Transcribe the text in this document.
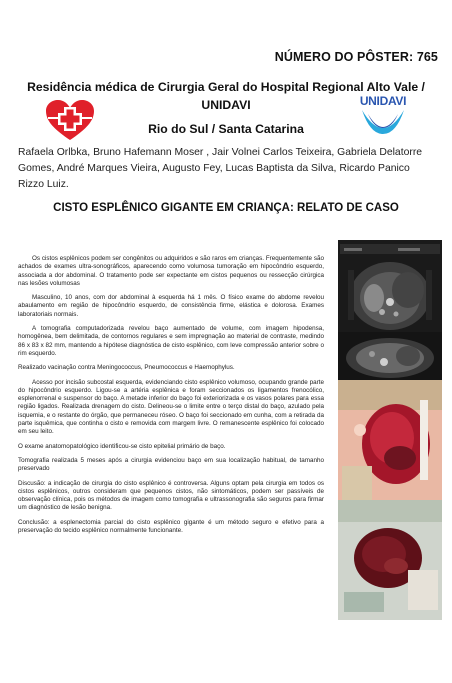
NÚMERO DO PÔSTER: 765
Residência médica de Cirurgia Geral do Hospital Regional Alto Vale /
UNIDAVI
Rio do Sul / Santa Catarina
UNIDAVI
Rafaela Orlbka, Bruno Hafemann Moser , Jair Volnei Carlos Teixeira, Gabriela Delatorre Gomes, André Marques Vieira, Augusto Fey, Lucas Baptista da Silva, Ricardo Panico Rizzo Luiz.
CISTO ESPLÊNICO GIGANTE EM CRIANÇA: RELATO DE CASO

Os cistos esplênicos podem ser congênitos ou adquiridos e são raros em crianças. Frequentemente são achados de exames ultra-sonográficos, aparecendo como volumosa tumoração em hipocôndrio esquerdo, associada a dor abdominal. O tratamento pode ser expectante em cistos pequenos ou ressecção cirúrgica nas lesões volumosas

Masculino, 10 anos, com dor abdominal à esquerda há 1 mês. O físico exame do abdome revelou abaulamento em região de hipocôndrio esquerdo, de consistência firme, elástica e dolorosa. Exames laboratoriais normais.

A tomografia computadorizada revelou baço aumentado de volume, com imagem hipodensa, homogênea, bem delimitada, de contornos regulares e sem impregnação ao material de contraste, medindo 86 x 83 x 82 mm, mantendo a hipótese diagnóstica de cisto esplênico, com leve compressão anterior sobre o rim esquerdo.

Realizado vacinação contra Meningococcus, Pneumococcus e Haemophylus.

Acesso por incisão subcostal esquerda, evidenciando cisto esplênico volumoso, ocupando grande parte do hipocôndrio esquerdo. Ligou-se a artéria esplênica e foram seccionados os ligamentos frenocólico, esplenorrenal e suspensor do baço. A metade inferior do baço foi exteriorizada e os vasos polares para essa região ligados. Realizada drenagem do cisto. Delineou-se o limite entre o terço distal do baço, azulado pela isquemia, e o restante do órgão, que permaneceu róseo. O baço foi seccionado em cunha, com a retirada da parte isquêmica, que continha o cisto e removida com margem livre. O remanescente esplênico foi colocado em seu leito.

O exame anatomopatológico identificou-se cisto epitelial primário de baço.

Tomografia realizada 5 meses após a cirurgia evidenciou baço em sua localização habitual, de tamanho preservado

Discusão: a indicação de cirurgia do cisto esplênico é controversa. Alguns optam pela cirurgia em todos os cistos esplênicos, outros consideram que pequenos cistos, não sintomáticos, podem ser passíveis de observação clínica, pois os métodos de imagem como tomografia e ultrassonografia são seguros para firmar um diagnóstico de lesão benigna.

Conclusão: a esplenectomia parcial do cisto esplênico gigante é um método seguro e efetivo para a preservação do tecido esplênico normalmente funcionante.
